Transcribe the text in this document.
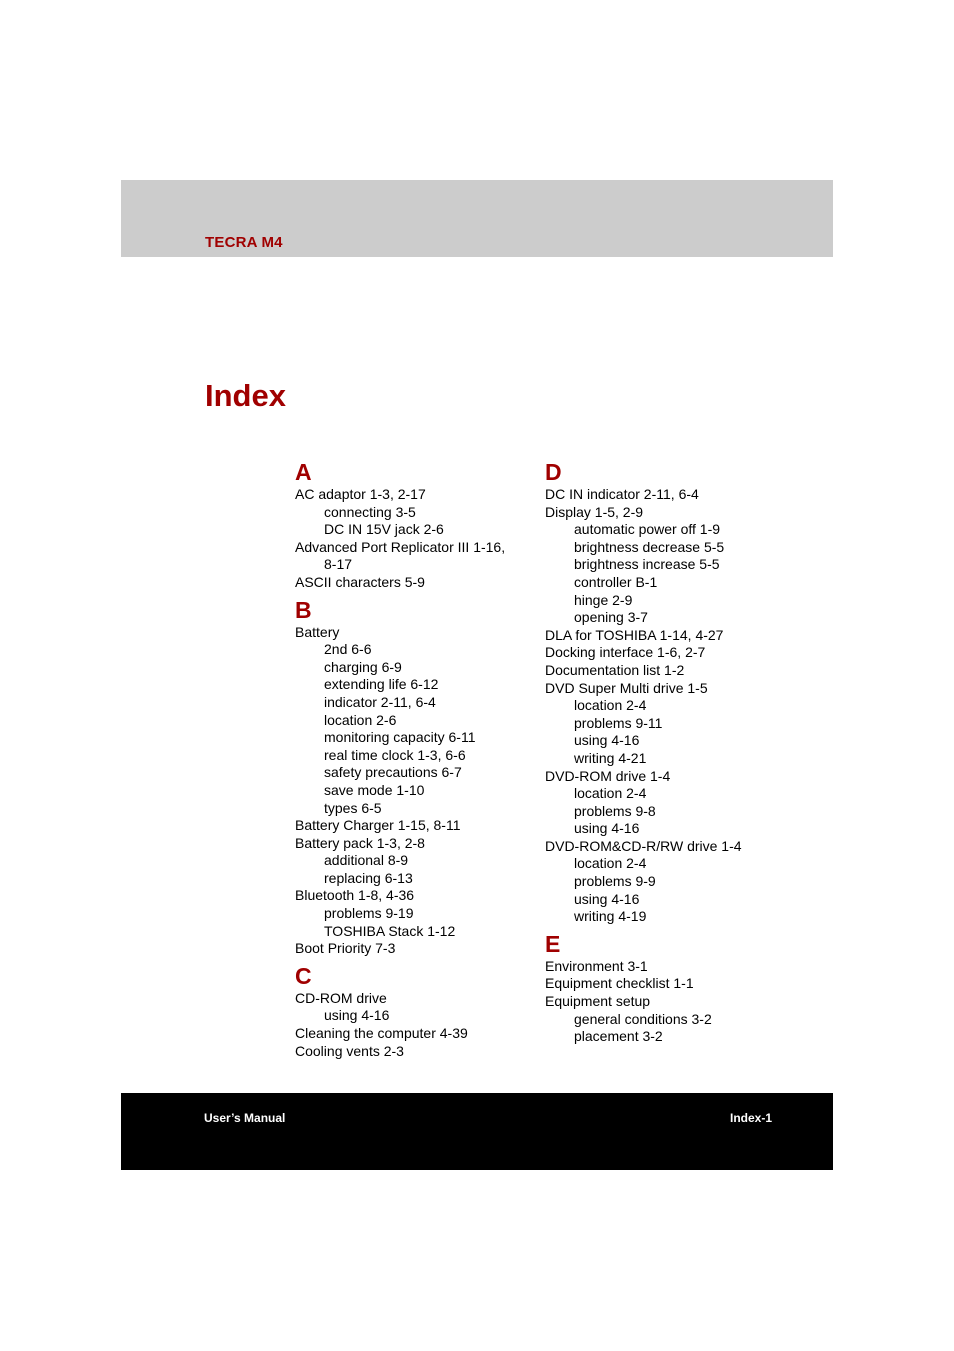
TECRA M4
Index
A
AC adaptor 1-3, 2-17
connecting 3-5
DC IN 15V jack 2-6
Advanced Port Replicator III 1-16,
8-17
ASCII characters 5-9
B
Battery
2nd 6-6
charging 6-9
extending life 6-12
indicator 2-11, 6-4
location 2-6
monitoring capacity 6-11
real time clock 1-3, 6-6
safety precautions 6-7
save mode 1-10
types 6-5
Battery Charger 1-15, 8-11
Battery pack 1-3, 2-8
additional 8-9
replacing 6-13
Bluetooth 1-8, 4-36
problems 9-19
TOSHIBA Stack 1-12
Boot Priority 7-3
C
CD-ROM drive
using 4-16
Cleaning the computer 4-39
Cooling vents 2-3
D
DC IN indicator 2-11, 6-4
Display 1-5, 2-9
automatic power off 1-9
brightness decrease 5-5
brightness increase 5-5
controller B-1
hinge 2-9
opening 3-7
DLA for TOSHIBA 1-14, 4-27
Docking interface 1-6, 2-7
Documentation list 1-2
DVD Super Multi drive 1-5
location 2-4
problems 9-11
using 4-16
writing 4-21
DVD-ROM drive 1-4
location 2-4
problems 9-8
using 4-16
DVD-ROM&CD-R/RW drive 1-4
location 2-4
problems 9-9
using 4-16
writing 4-19
E
Environment 3-1
Equipment checklist 1-1
Equipment setup
general conditions 3-2
placement 3-2
User’s Manual	Index-1
